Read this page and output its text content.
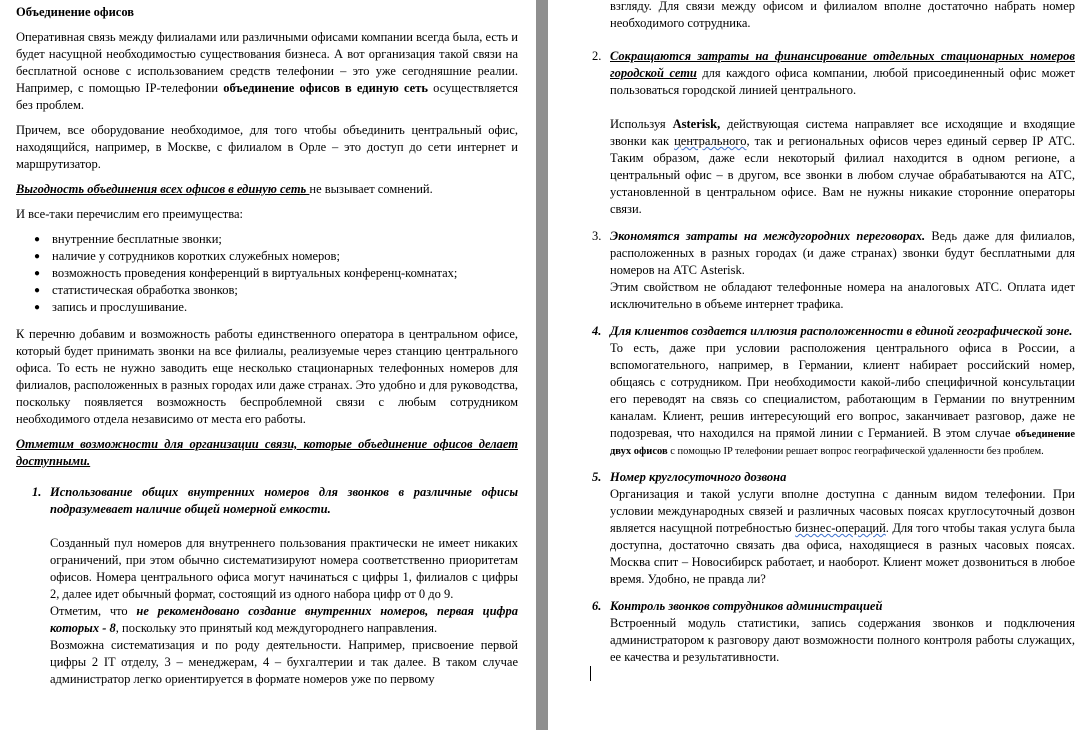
Объединение офисов

Оперативная связь между филиалами или различными офисами компании всегда была, есть и будет насущной необходимостью существования бизнеса. А вот организация такой связи на бесплатной основе с использованием средств телефонии – это уже сегодняшние реалии. Например, с помощью IP-телефонии объединение офисов в единую сеть осуществляется без проблем.

Причем, все оборудование необходимое, для того чтобы объединить центральный офис, находящийся, например, в Москве, с филиалом в Орле – это доступ до сети интернет и маршрутизатор.

Выгодность объединения всех офисов в единую сеть не вызывает сомнений.

И все-таки перечислим его преимущества:

● внутренние бесплатные звонки;
● наличие у сотрудников коротких служебных номеров;
● возможность проведения конференций в виртуальных конференц-комнатах;
● статистическая обработка звонков;
● запись и прослушивание.

К перечню добавим и возможность работы единственного оператора в центральном офисе, который будет принимать звонки на все филиалы, реализуемые через станцию центрального офиса. То есть не нужно заводить еще несколько стационарных телефонных номеров для филиалов, расположенных в разных городах или даже странах. Это удобно и для руководства, поскольку появляется возможность беспроблемной связи с любым сотрудником необходимого отдела независимо от места его работы.

Отметим возможности для организации связи, которые объединение офисов делает доступными.

1. Использование общих внутренних номеров для звонков в различные офисы подразумевает наличие общей номерной емкости.

Созданный пул номеров для внутреннего пользования практически не имеет никаких ограничений, при этом обычно систематизируют номера соответственно приоритетам офисов. Номера центрального офиса могут начинаться с цифры 1, филиалов с цифры 2, далее идет обычный формат, состоящий из одного набора цифр от 0 до 9.

Отметим, что не рекомендовано создание внутренних номеров, первая цифра которых - 8, поскольку это принятый код междугороднего направления.

Возможна систематизация и по роду деятельности. Например, присвоение первой цифры 2 IT отделу, 3 – менеджерам, 4 – бухгалтерии и так далее. В таком случае администратор легко ориентируется в формате номеров уже по первому

взгляду. Для связи между офисом и филиалом вполне достаточно набрать номер необходимого сотрудника.

2. Сокращаются затраты на финансирование отдельных стационарных номеров городской сети для каждого офиса компании, любой присоединенный офис может пользоваться городской линией центрального.

Используя Asterisk, действующая система направляет все исходящие и входящие звонки как центрального, так и региональных офисов через единый сервер IP АТС. Таким образом, даже если некоторый филиал находится в одном регионе, а центральный офис – в другом, все звонки в любом случае обрабатываются на АТС, установленной в центральном офисе. Вам не нужны никакие сторонние операторы связи.

3. Экономятся затраты на междугородних переговорах. Ведь даже для филиалов, расположенных в разных городах (и даже странах) звонки будут бесплатными для номеров на АТС Asterisk.

Этим свойством не обладают телефонные номера на аналоговых АТС. Оплата идет исключительно в объеме интернет трафика.

4. Для клиентов создается иллюзия расположенности в единой географической зоне.

То есть, даже при условии расположения центрального офиса в России, а вспомогательного, например, в Германии, клиент набирает российский номер, общаясь с сотрудником. При необходимости какой-либо специфичной консультации его переводят на связь со специалистом, работающим в Германии по внутренним каналам. Клиент, решив интересующий его вопрос, заканчивает разговор, даже не подозревая, что находился на прямой линии с Германией. В этом случае объединение двух офисов с помощью IP телефонии решает вопрос географической удаленности без проблем.

5. Номер круглосуточного дозвона

Организация и такой услуги вполне доступна с данным видом телефонии. При условии международных связей и различных часовых поясах круглосуточный дозвон является насущной потребностью бизнес-операций. Для того чтобы такая услуга была доступна, достаточно связать два офиса, находящиеся в разных часовых поясах. Москва спит – Новосибирск работает, и наоборот. Клиент может дозвониться в любое время. Удобно, не правда ли?

6. Контроль звонков сотрудников администрацией

Встроенный модуль статистики, запись содержания звонков и подключения администратором к разговору дают возможности полного контроля работы служащих, ее качества и результативности.
